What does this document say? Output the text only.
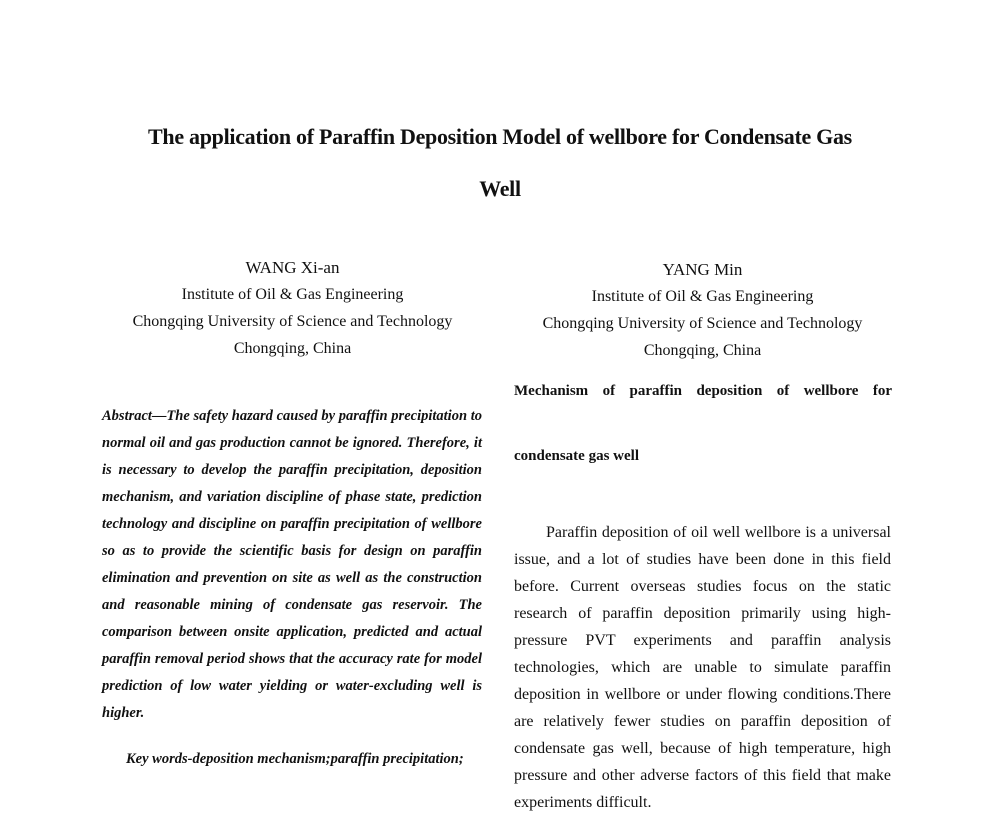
The application of Paraffin Deposition Model of wellbore for Condensate Gas
Well
WANG Xi-an
Institute of Oil & Gas Engineering
Chongqing University of Science and Technology
Chongqing, China
YANG Min
Institute of Oil & Gas Engineering
Chongqing University of Science and Technology
Chongqing, China

Abstract—The safety hazard caused by paraffin precipitation to normal oil and gas production cannot be ignored. Therefore, it is necessary to develop the paraffin precipitation, deposition mechanism, and variation discipline of phase state, prediction technology and discipline on paraffin precipitation of wellbore so as to provide the scientific basis for design on paraffin elimination and prevention on site as well as the construction and reasonable mining of condensate gas reservoir. The comparison between onsite application, predicted and actual paraffin removal period shows that the accuracy rate for model prediction of low water yielding or water-excluding well is higher.

Key words-deposition mechanism;paraffin precipitation;

Mechanism of paraffin deposition of wellbore for
condensate gas well

Paraffin deposition of oil well wellbore is a universal issue, and a lot of studies have been done in this field before. Current overseas studies focus on the static research of paraffin deposition primarily using high-pressure PVT experiments and paraffin analysis technologies, which are unable to simulate paraffin deposition in wellbore or under flowing conditions.There are relatively fewer studies on paraffin deposition of condensate gas well, because of high temperature, high pressure and other adverse factors of this field that make experiments difficult.
